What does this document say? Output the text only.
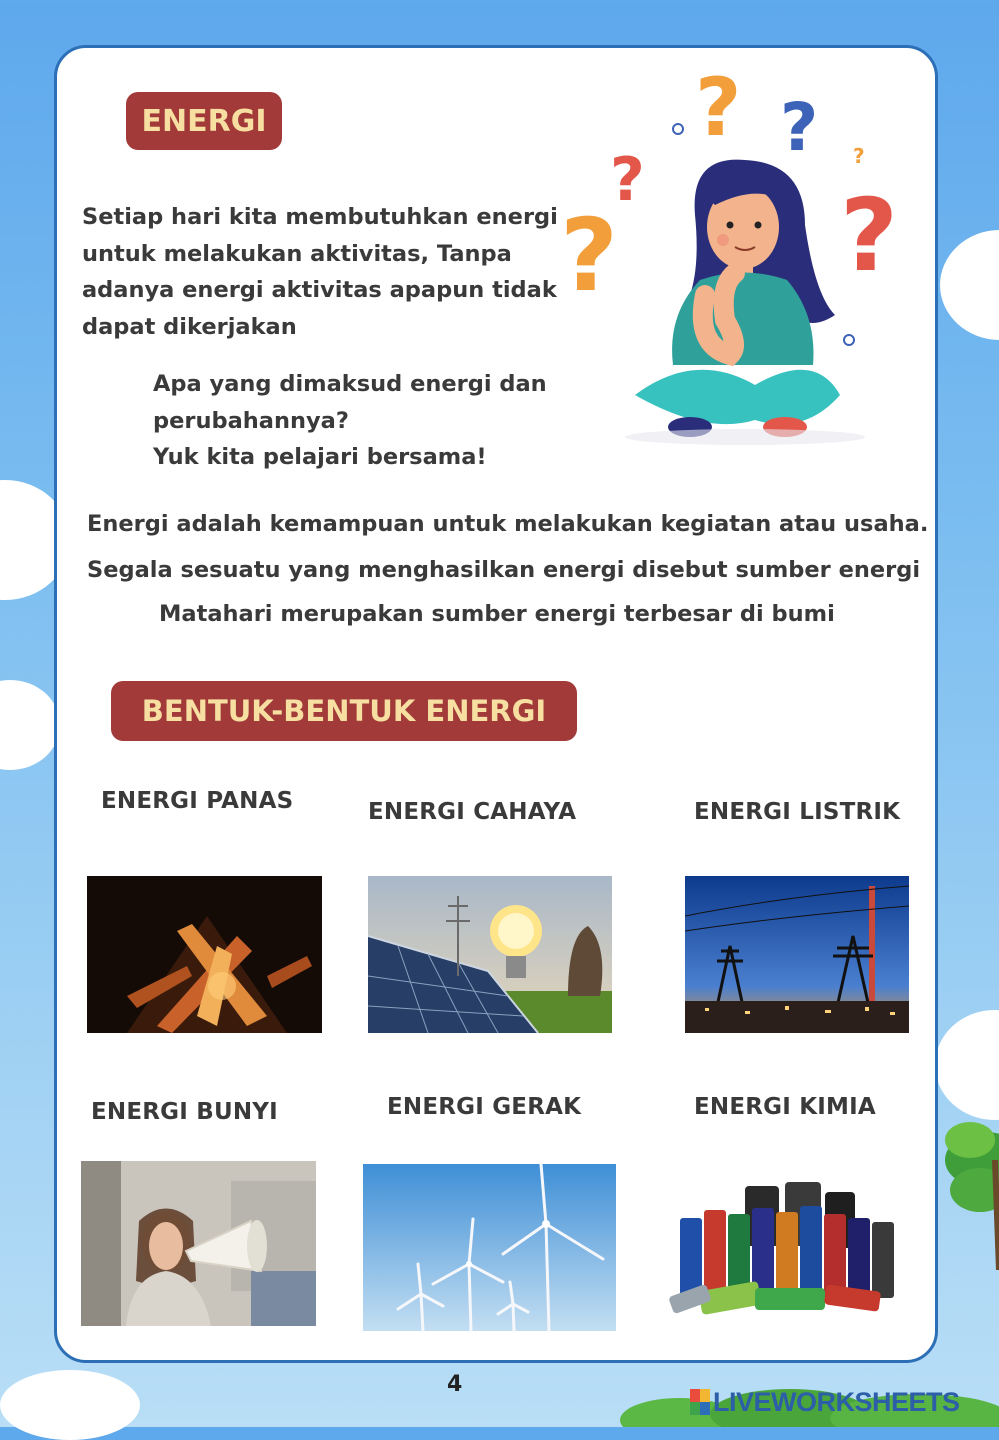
ENERGI
Setiap hari kita membutuhkan energi
untuk melakukan aktivitas, Tanpa
adanya energi aktivitas apapun tidak
dapat dikerjakan
Apa yang dimaksud energi dan
perubahannya?
Yuk kita pelajari bersama!
? ?
?
? ?
?
Energi adalah kemampuan untuk melakukan kegiatan atau usaha.
Segala sesuatu yang menghasilkan energi disebut sumber energi
Matahari merupakan sumber energi terbesar di bumi
BENTUK-BENTUK ENERGI
ENERGI PANAS	ENERGI CAHAYA	ENERGI LISTRIK
ENERGI BUNYI	ENERGI GERAK	ENERGI KIMIA
4
LIVEWORKSHEETS
